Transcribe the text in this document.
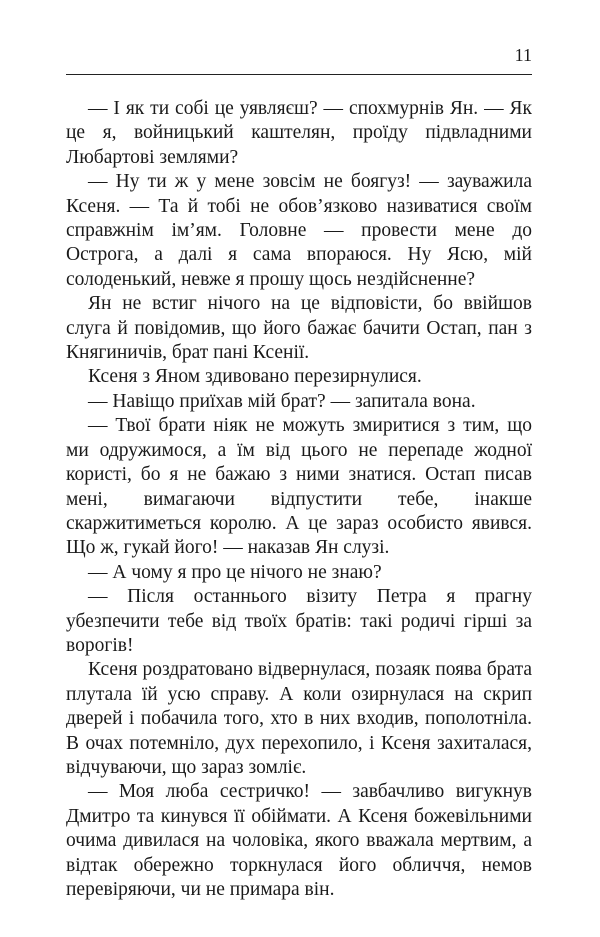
11

— І як ти собі це уявляєш? — спохмурнів Ян. — Як це я, войницький каштелян, проїду підвладними Любартові землями?

— Ну ти ж у мене зовсім не боягуз! — зауважила Ксеня. — Та й тобі не обов’язково називатися своїм справжнім ім’ям. Головне — провести мене до Острога, а далі я сама впораюся. Ну Ясю, мій солоденький, невже я прошу щось нездійсненне?

Ян не встиг нічого на це відповісти, бо ввійшов слуга й повідомив, що його бажає бачити Остап, пан з Княгиничів, брат пані Ксенії.

Ксеня з Яном здивовано перезирнулися.

— Навіщо приїхав мій брат? — запитала вона.

— Твої брати ніяк не можуть змиритися з тим, що ми одружимося, а їм від цього не перепаде жодної користі, бо я не бажаю з ними знатися. Остап писав мені, вимагаючи відпустити тебе, інакше скаржитиметься королю. А це зараз особисто явився. Що ж, гукай його! — наказав Ян слузі.

— А чому я про це нічого не знаю?

— Після останнього візиту Петра я прагну убезпечити тебе від твоїх братів: такі родичі гірші за ворогів!

Ксеня роздратовано відвернулася, позаяк поява брата плутала їй усю справу. А коли озирнулася на скрип дверей і побачила того, хто в них входив, пополотніла. В очах потемніло, дух перехопило, і Ксеня захиталася, відчуваючи, що зараз зомліє.

— Моя люба сестричко! — завбачливо вигукнув Дмитро та кинувся її обіймати. А Ксеня божевільними очима дивилася на чоловіка, якого вважала мертвим, а відтак обережно торкнулася його обличчя, немов перевіряючи, чи не примара він.
